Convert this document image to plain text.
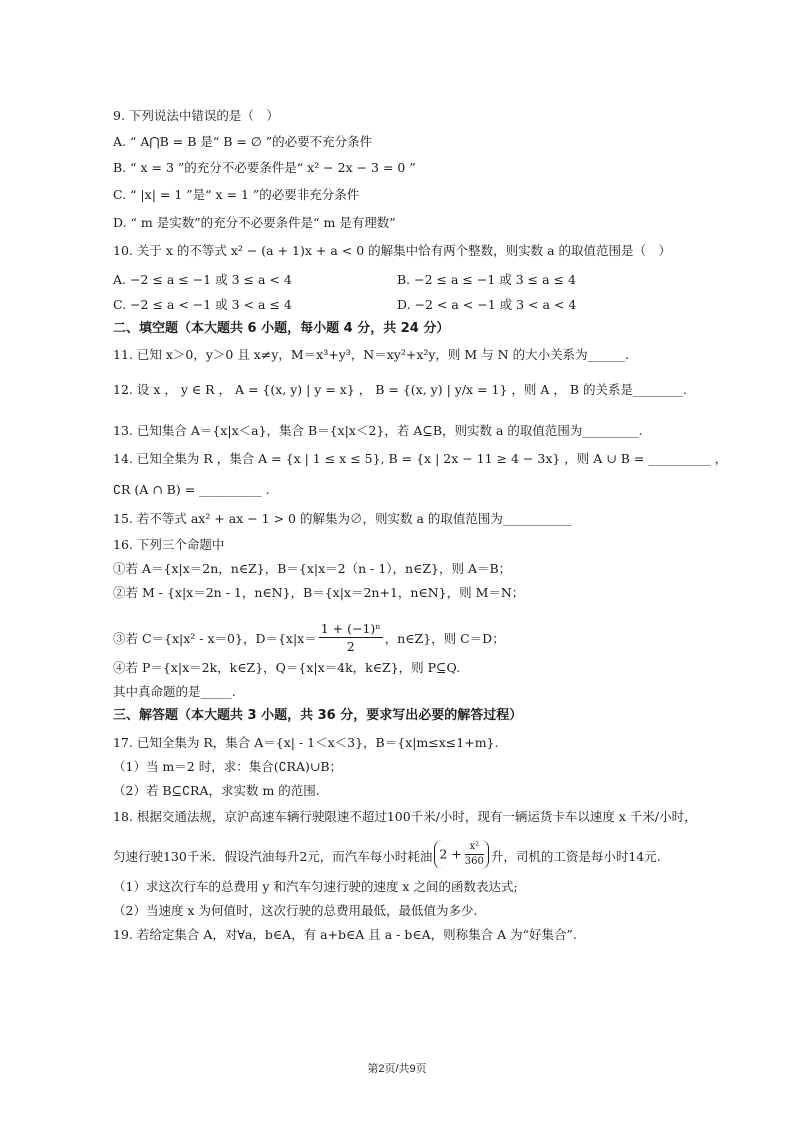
9. 下列说法中错误的是（　）
A. “ A⋂B = B 是“ B = ∅ ”的必要不充分条件
B. “ x = 3 ”的充分不必要条件是“ x² − 2x − 3 = 0 ”
C. “ |x| = 1 ”是“ x = 1 ”的必要非充分条件
D. “ m 是实数”的充分不必要条件是“ m 是有理数”
10. 关于 x 的不等式 x² − (a + 1)x + a < 0 的解集中恰有两个整数，则实数 a 的取值范围是（　）
A. −2 ≤ a ≤ −1 或 3 ≤ a < 4	B. −2 ≤ a ≤ −1 或 3 ≤ a ≤ 4
C. −2 ≤ a < −1 或 3 < a ≤ 4	D. −2 < a < −1 或 3 < a < 4
二、填空题（本大题共 6 小题，每小题 4 分，共 24 分）
11. 已知 x＞0，y＞0 且 x≠y，M＝x³+y³，N＝xy²+x²y，则 M 与 N 的大小关系为______.
12. 设 x ， y ∈ R ， A = {(x, y) | y = x} ， B = {(x, y) | y/x = 1} ，则 A ， B 的关系是________.
13. 已知集合 A＝{x|x＜a}，集合 B＝{x|x＜2}，若 A⊆B，则实数 a 的取值范围为_________.
14. 已知全集为 R ，集合 A = {x | 1 ≤ x ≤ 5}, B = {x | 2x − 11 ≥ 4 − 3x} ，则 A ∪ B = __________ ，
∁R (A ∩ B) = __________ .
15. 若不等式 ax² + ax − 1 > 0 的解集为∅，则实数 a 的取值范围为___________
16. 下列三个命题中
①若 A＝{x|x＝2n，n∈Z}，B＝{x|x＝2（n - 1），n∈Z}，则 A＝B；
②若 M - {x|x＝2n - 1，n∈N}，B＝{x|x＝2n+1，n∈N}，则 M＝N；
③若 C＝{x|x² - x＝0}，$D=\{x|x= \frac{\text{1 + (−1)ⁿ}}{2}$ ，n∈Z}，则 C＝D；
④若 P＝{x|x＝2k，k∈Z}，Q＝{x|x＝4k，k∈Z}，则 P⊆Q.
其中真命题的是_____.
三、解答题（本大题共 3 小题，共 36 分，要求写出必要的解答过程）
17. 已知全集为 R，集合 A＝{x| - 1＜x＜3}，B＝{x|m≤x≤1+m}.
（1）当 m＝2 时，求：集合(∁RA)∪B；
（2）若 B⊆∁RA，求实数 m 的范围.
18. 根据交通法规，京沪高速车辆行驶限速不超过100千米/小时，现有一辆运货卡车以速度 x 千米/小时，
匀速行驶130千米．假设汽油每升2元，而汽车每小时耗油 $2 + \frac{\text{x²}}{360}$ 升，司机的工资是每小时14元.
（1）求这次行车的总费用 y 和汽车匀速行驶的速度 x 之间的函数表达式;
（2）当速度 x 为何值时，这次行驶的总费用最低，最低值为多少.
19. 若给定集合 A，对∀a，b∈A，有 a+b∈A 且 a - b∈A，则称集合 A 为“好集合”.
第2页/共9页
